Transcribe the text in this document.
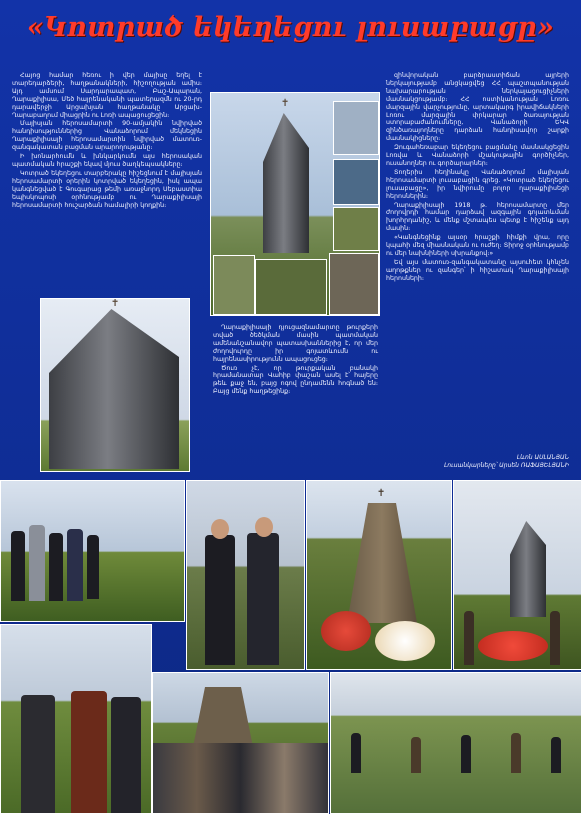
«Կոտրած եկեղեցու լուսաբացը»

Հայոց համար հեռու ի վեր մայիսը եղել է տարեդարձերի, հաղթանակների, հիշողության ամիս։ Այդ ամսում Սարդարապատ, Բաշ-Ապարան, Ղարաքիլիսա, Մեծ հայրենականի պատերազմն ու 20-րդ դարավերջի Արցախյան հաղթանակը Արցախ-Ղարաբաղում միացրին ու Լոռի ապացուցեցին։

Մայիսյան հերոսամարտի 90-ամյակին նվիրված հանդիսություններից Վանաձորում մեկնեցին Ղարաքիլիսայի հերոսամարտին նվիրված մատուռ-զանգակատան բացման արարողությանը։

Ի խոնարհումն և խնկարկումն այս հերոսական պատմական հրաշքի եկավ մյուս ծաղկեպսակները։

Կոտրած եկեղեցու տարբերակը հիշեցնում է մայիսյան հերոսամարտի օրերին կոտրված եկեղեցին, իսկ ապա կանգնեցված է Գուգարաց թեմի առաջնորդ Սեբաստիա եպիսկոպոսի օրհնությամբ ու Ղարաքիլիսայի հերոսամարտի հուշարձան համալիրի կողքին։

✝
✝

Ղարաքիլիսայի դյուցազնամարտը թուրքերի տված ծեծկման մասին պատմական ամենանշանավոր պատասխաններից է, որ մեր ժողովուրդը իր գոյատևումն ու հայրենասիրությունն ապացուցեց։

Ծուռ չէ, որ թուրքական բանակի հրամանատար Վահիբ փաշան ասել է՝ հայերը թեև քաջ են, բայց ոգով ընդամենն հոգնած են։ Բայց մենք հաղթեցինք։

զինվորական բարձրաստիճան այրերի ներկայությամբ անցկացվեց ՀՀ պաշտպանության նախարարության ներկայացուցիչների մասնակցությամբ։ ՀՀ ոստիկանության Լոռու մարզային վարչությունը, արտակարգ իրավիճակների Լոռու մարզային փրկարար ծառայության ստորաբաժանումները, Վանաձորի ԵԿՎ զինծառայողները դարձան հանդիսավոր շարքի մասնակիցները։

Զուգահեռաբար եկեղեցու բացմանը մասնակցեցին Լոռվա և Վանաձորի մշակութային գործիչներ, ուսանողներ ու գործարարներ։

Տողերիս հեղինակը Վանաձորում մայիսյան հերոսամարտի լուսաբացին գրեց. «Կոտրած եկեղեցու լուսաբացը», իր նվիրումը բոլոր ղարաքիլիսեցի հերոսներին։

Ղարաքիլիսայի 1918 թ. հերոսամարտը մեր ժողովրդի համար դարձավ ազգային գոյատևման խորհրդանիշ, և մենք մշտապես պետք է հիշենք այդ մասին։

«Կանգնեցինք այսօր հրաշքի հիմքի վրա, որը կպահի մեզ միասնական ու ուժեղ։ Տիրոջ օրհնությամբ ու մեր նախնիների սխրանքով։»

Եվ այս մատուռ-զանգակատանը այսուհետ կհնչեն աղոթքներ ու զանգեր՝ ի հիշատակ Ղարաքիլիսայի հերոսների։

Լևոն ԱՍԼԱՆՅԱՆ
Լուսանկարները՝ Արսեն ՌԱՖԱՅԵԼՅԱՆԻ
✝
